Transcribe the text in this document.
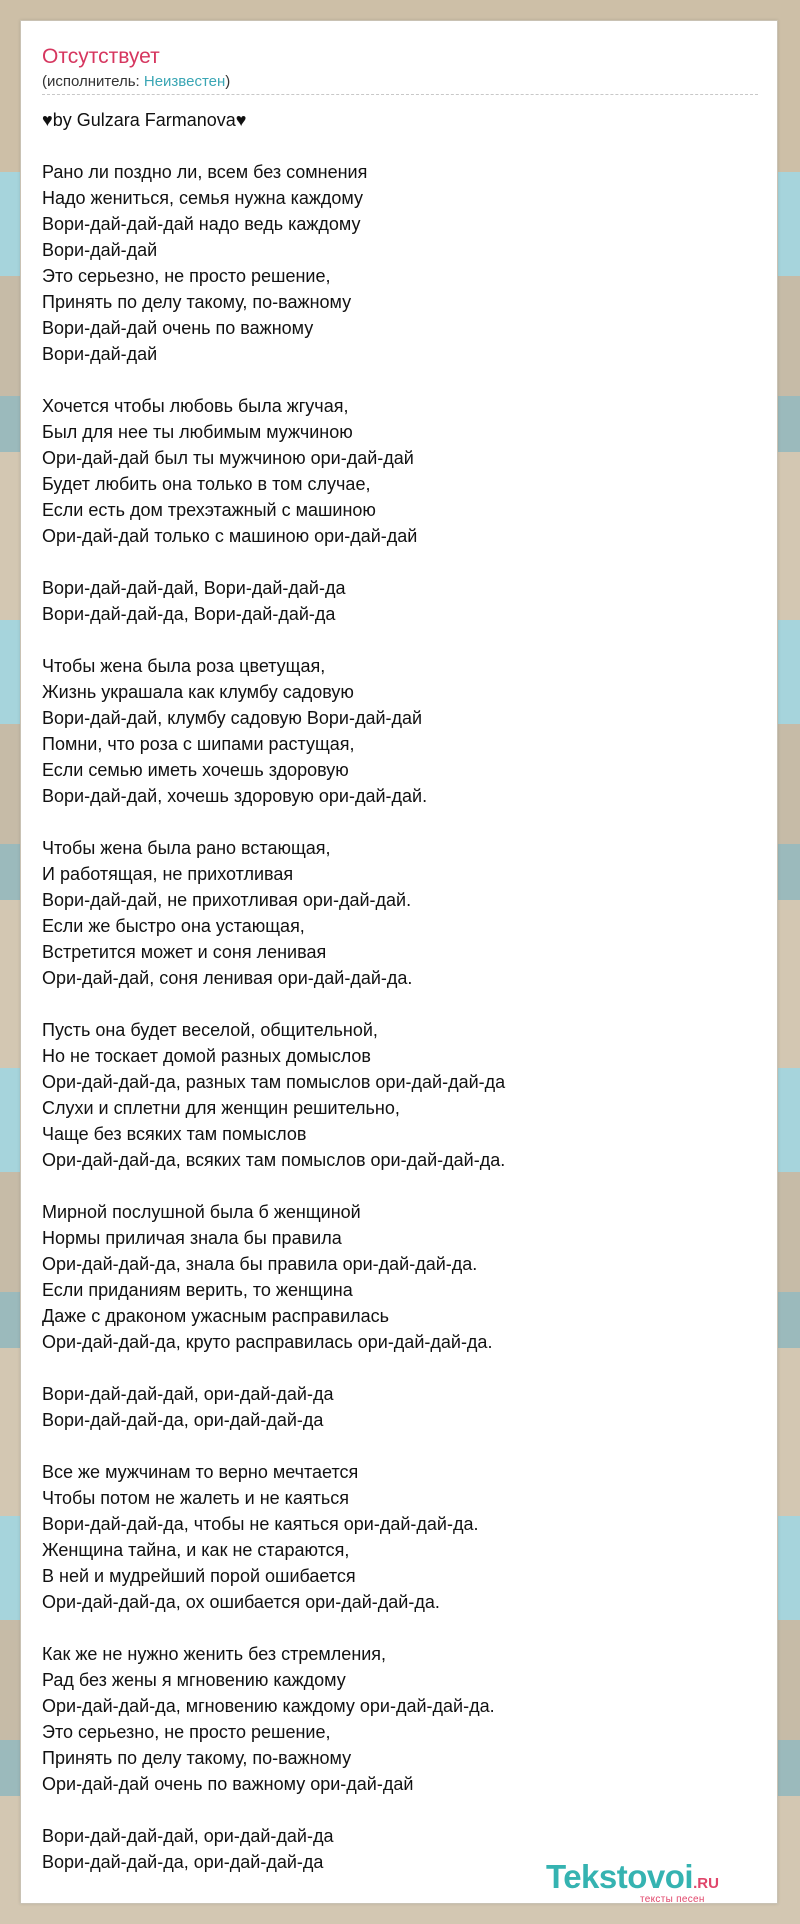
Отсутствует
(исполнитель: Неизвестен)
♥by Gulzara Farmanova♥
Рано ли поздно ли, всем без сомнения
Надо жениться, семья нужна каждому
Вори-дай-дай-дай надо ведь каждому
Вори-дай-дай
Это серьезно, не просто решение,
Принять по делу такому, по-важному
Вори-дай-дай очень по важному
Вори-дай-дай
Хочется чтобы любовь была жгучая,
Был для нее ты любимым мужчиною
Ори-дай-дай был ты мужчиною ори-дай-дай
Будет любить она только в том случае,
Если есть дом трехэтажный с машиною
Ори-дай-дай только с машиною ори-дай-дай
Вори-дай-дай-дай, Вори-дай-дай-да
Вори-дай-дай-да, Вори-дай-дай-да
Чтобы жена была роза цветущая,
Жизнь украшала как клумбу садовую
Вори-дай-дай, клумбу садовую Вори-дай-дай
Помни, что роза с шипами растущая,
Если семью иметь хочешь здоровую
Вори-дай-дай, хочешь здоровую ори-дай-дай.
Чтобы жена была рано встающая,
И работящая, не прихотливая
Вори-дай-дай, не прихотливая ори-дай-дай.
Если же быстро она устающая,
Встретится может и соня ленивая
Ори-дай-дай, соня ленивая ори-дай-дай-да.
Пусть она будет веселой, общительной,
Но не тоскает домой разных домыслов
Ори-дай-дай-да, разных там помыслов ори-дай-дай-да
Слухи и сплетни для женщин решительно,
Чаще без всяких там помыслов
Ори-дай-дай-да, всяких там помыслов ори-дай-дай-да.
Мирной послушной была б женщиной
Нормы приличая знала бы правила
Ори-дай-дай-да, знала бы правила ори-дай-дай-да.
Если приданиям верить, то женщина
Даже с драконом ужасным расправилась
Ори-дай-дай-да, круто расправилась ори-дай-дай-да.
Вори-дай-дай-дай, ори-дай-дай-да
Вори-дай-дай-да, ори-дай-дай-да
Все же мужчинам то верно мечтается
Чтобы потом не жалеть и не каяться
Вори-дай-дай-да, чтобы не каяться ори-дай-дай-да.
Женщина тайна, и как не стараются,
В ней и мудрейший порой ошибается
Ори-дай-дай-да, ох ошибается ори-дай-дай-да.
Как же не нужно женить без стремления,
Рад без жены я мгновению каждому
Ори-дай-дай-да, мгновению каждому ори-дай-дай-да.
Это серьезно, не просто решение,
Принять по делу такому, по-важному
Ори-дай-дай очень по важному ори-дай-дай
Вори-дай-дай-дай, ори-дай-дай-да
Вори-дай-дай-да, ори-дай-дай-да	Tekstovoi.RU
тексты песен
